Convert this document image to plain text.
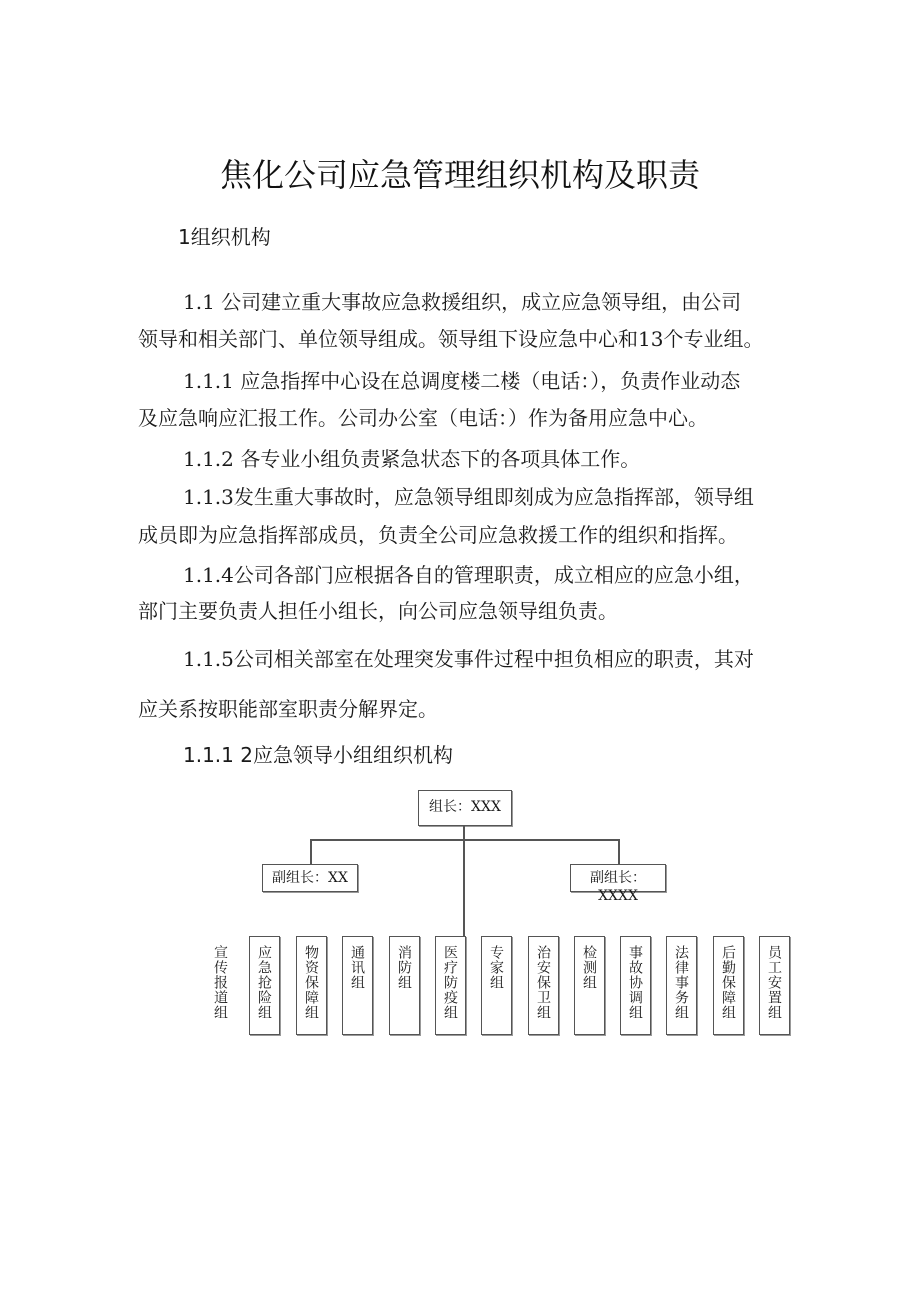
焦化公司应急管理组织机构及职责
1组织机构
1.1 公司建立重大事故应急救援组织，成立应急领导组，由公司
领导和相关部门、单位领导组成。领导组下设应急中心和13个专业组。
1.1.1 应急指挥中心设在总调度楼二楼（电话：），负责作业动态
及应急响应汇报工作。公司办公室（电话：）作为备用应急中心。
1.1.2 各专业小组负责紧急状态下的各项具体工作。
1.1.3发生重大事故时，应急领导组即刻成为应急指挥部，领导组
成员即为应急指挥部成员，负责全公司应急救援工作的组织和指挥。
1.1.4公司各部门应根据各自的管理职责，成立相应的应急小组，
部门主要负责人担任小组长，向公司应急领导组负责。
1.1.5公司相关部室在处理突发事件过程中担负相应的职责，其对
应关系按职能部室职责分解界定。
1.1.1 2应急领导小组组织机构
组长：XXX
副组长：XX	副组长：XXXX
宣传报道组	应急抢险组	物资保障组	通讯组	消防组	医疗防疫组	专家组	治安保卫组	检测组	事故协调组	法律事务组	后勤保障组	员工安置组
